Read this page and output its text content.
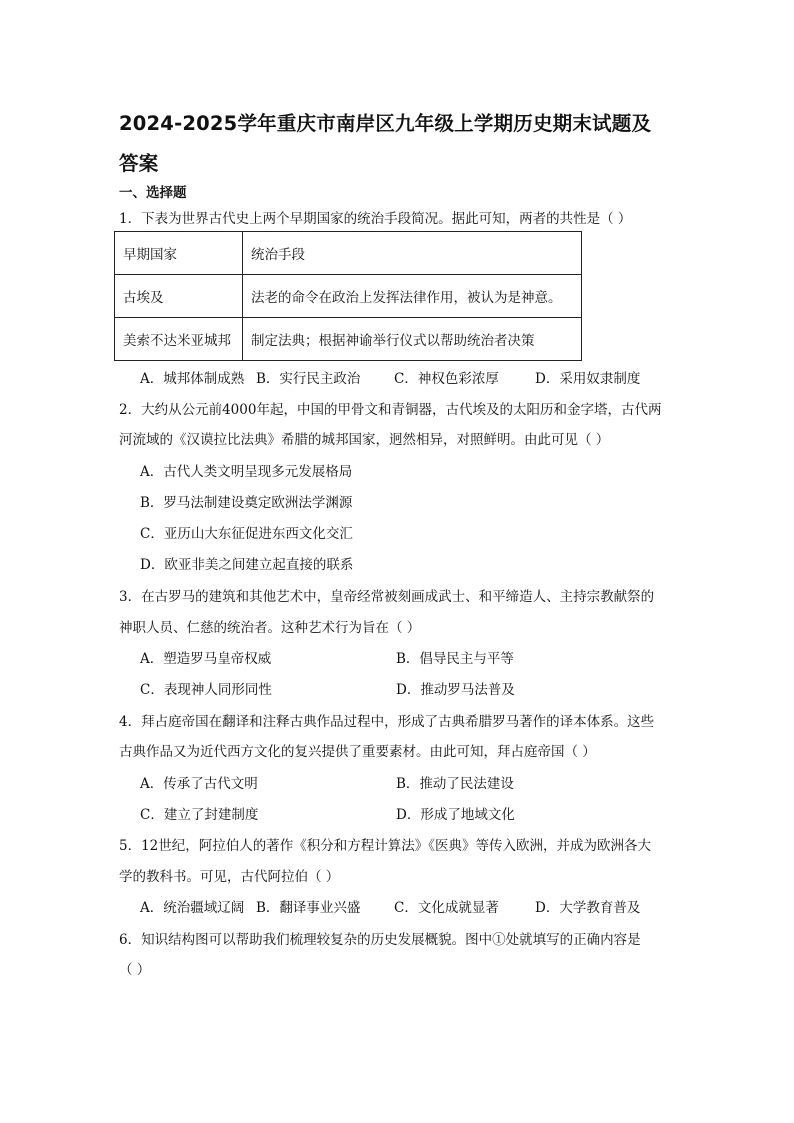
2024-2025学年重庆市南岸区九年级上学期历史期末试题及
答案
一、选择题
1．下表为世界古代史上两个早期国家的统治手段简况。据此可知，两者的共性是（ ）
早期国家	统治手段
古埃及	法老的命令在政治上发挥法律作用，被认为是神意。
美索不达米亚城邦	制定法典；根据神谕举行仪式以帮助统治者决策
A．城邦体制成熟 B．实行民主政治 C．神权色彩浓厚	D．采用奴隶制度
2．大约从公元前4000年起，中国的甲骨文和青铜器，古代埃及的太阳历和金字塔，古代两
河流域的《汉谟拉比法典》希腊的城邦国家，迥然相异，对照鲜明。由此可见（ ）
A．古代人类文明呈现多元发展格局
B．罗马法制建设奠定欧洲法学渊源
C．亚历山大东征促进东西文化交汇
D．欧亚非美之间建立起直接的联系
3．在古罗马的建筑和其他艺术中，皇帝经常被刻画成武士、和平缔造人、主持宗教献祭的
神职人员、仁慈的统治者。这种艺术行为旨在（ ）
A．塑造罗马皇帝权威	B．倡导民主与平等
C．表现神人同形同性	D．推动罗马法普及
4．拜占庭帝国在翻译和注释古典作品过程中，形成了古典希腊罗马著作的译本体系。这些
古典作品又为近代西方文化的复兴提供了重要素材。由此可知，拜占庭帝国（ ）
A．传承了古代文明	B．推动了民法建设
C．建立了封建制度	D．形成了地域文化
5．12世纪，阿拉伯人的著作《积分和方程计算法》《医典》等传入欧洲，并成为欧洲各大
学的教科书。可见，古代阿拉伯（ ）
A．统治疆域辽阔 B．翻译事业兴盛 C．文化成就显著	D．大学教育普及
6．知识结构图可以帮助我们梳理较复杂的历史发展概貌。图中①处就填写的正确内容是
（ ）
